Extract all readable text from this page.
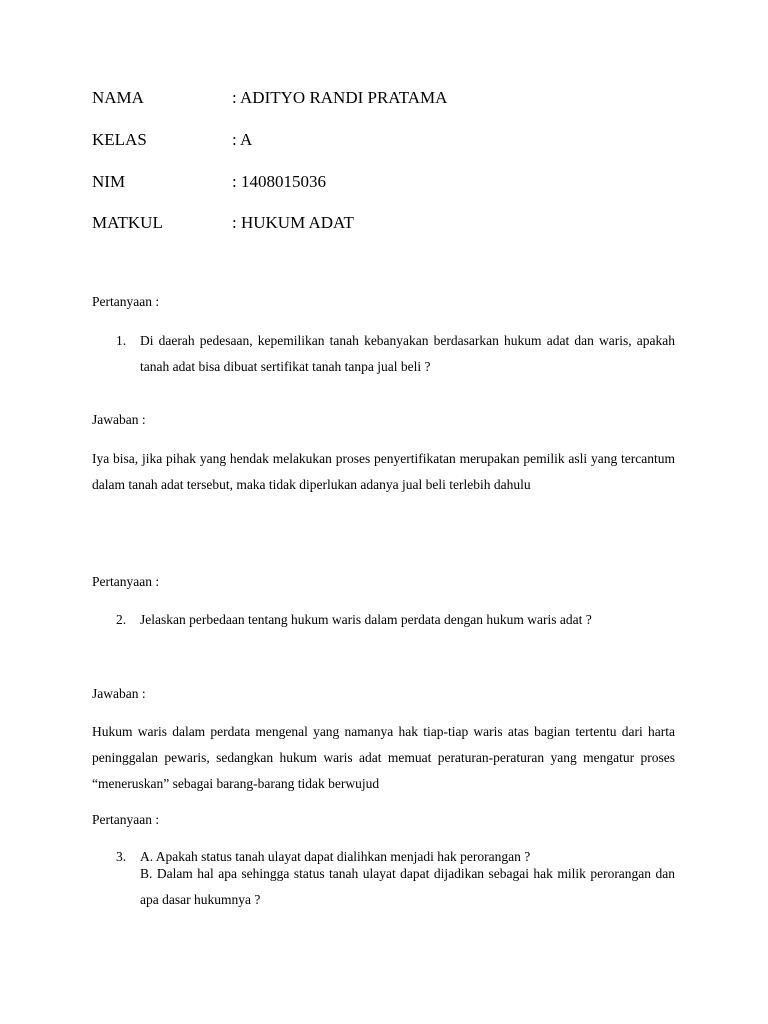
NAMA	: ADITYO RANDI PRATAMA
KELAS	: A
NIM	: 1408015036
MATKUL	: HUKUM ADAT
Pertanyaan :
1. Di daerah pedesaan, kepemilikan tanah kebanyakan berdasarkan hukum adat dan waris, apakah tanah adat bisa dibuat sertifikat tanah tanpa jual beli ?
Jawaban :
Iya bisa, jika pihak yang hendak melakukan proses penyertifikatan merupakan pemilik asli yang tercantum dalam tanah adat tersebut, maka tidak diperlukan adanya jual beli terlebih dahulu
Pertanyaan :
2. Jelaskan perbedaan tentang hukum waris dalam perdata dengan hukum waris adat ?
Jawaban :
Hukum waris dalam perdata mengenal yang namanya hak tiap-tiap waris atas bagian tertentu dari harta peninggalan pewaris, sedangkan hukum waris adat memuat peraturan-peraturan yang mengatur proses “meneruskan” sebagai barang-barang tidak berwujud
Pertanyaan :
3. A. Apakah status tanah ulayat dapat dialihkan menjadi hak perorangan ?
B. Dalam hal apa sehingga status tanah ulayat dapat dijadikan sebagai hak milik perorangan dan apa dasar hukumnya ?
